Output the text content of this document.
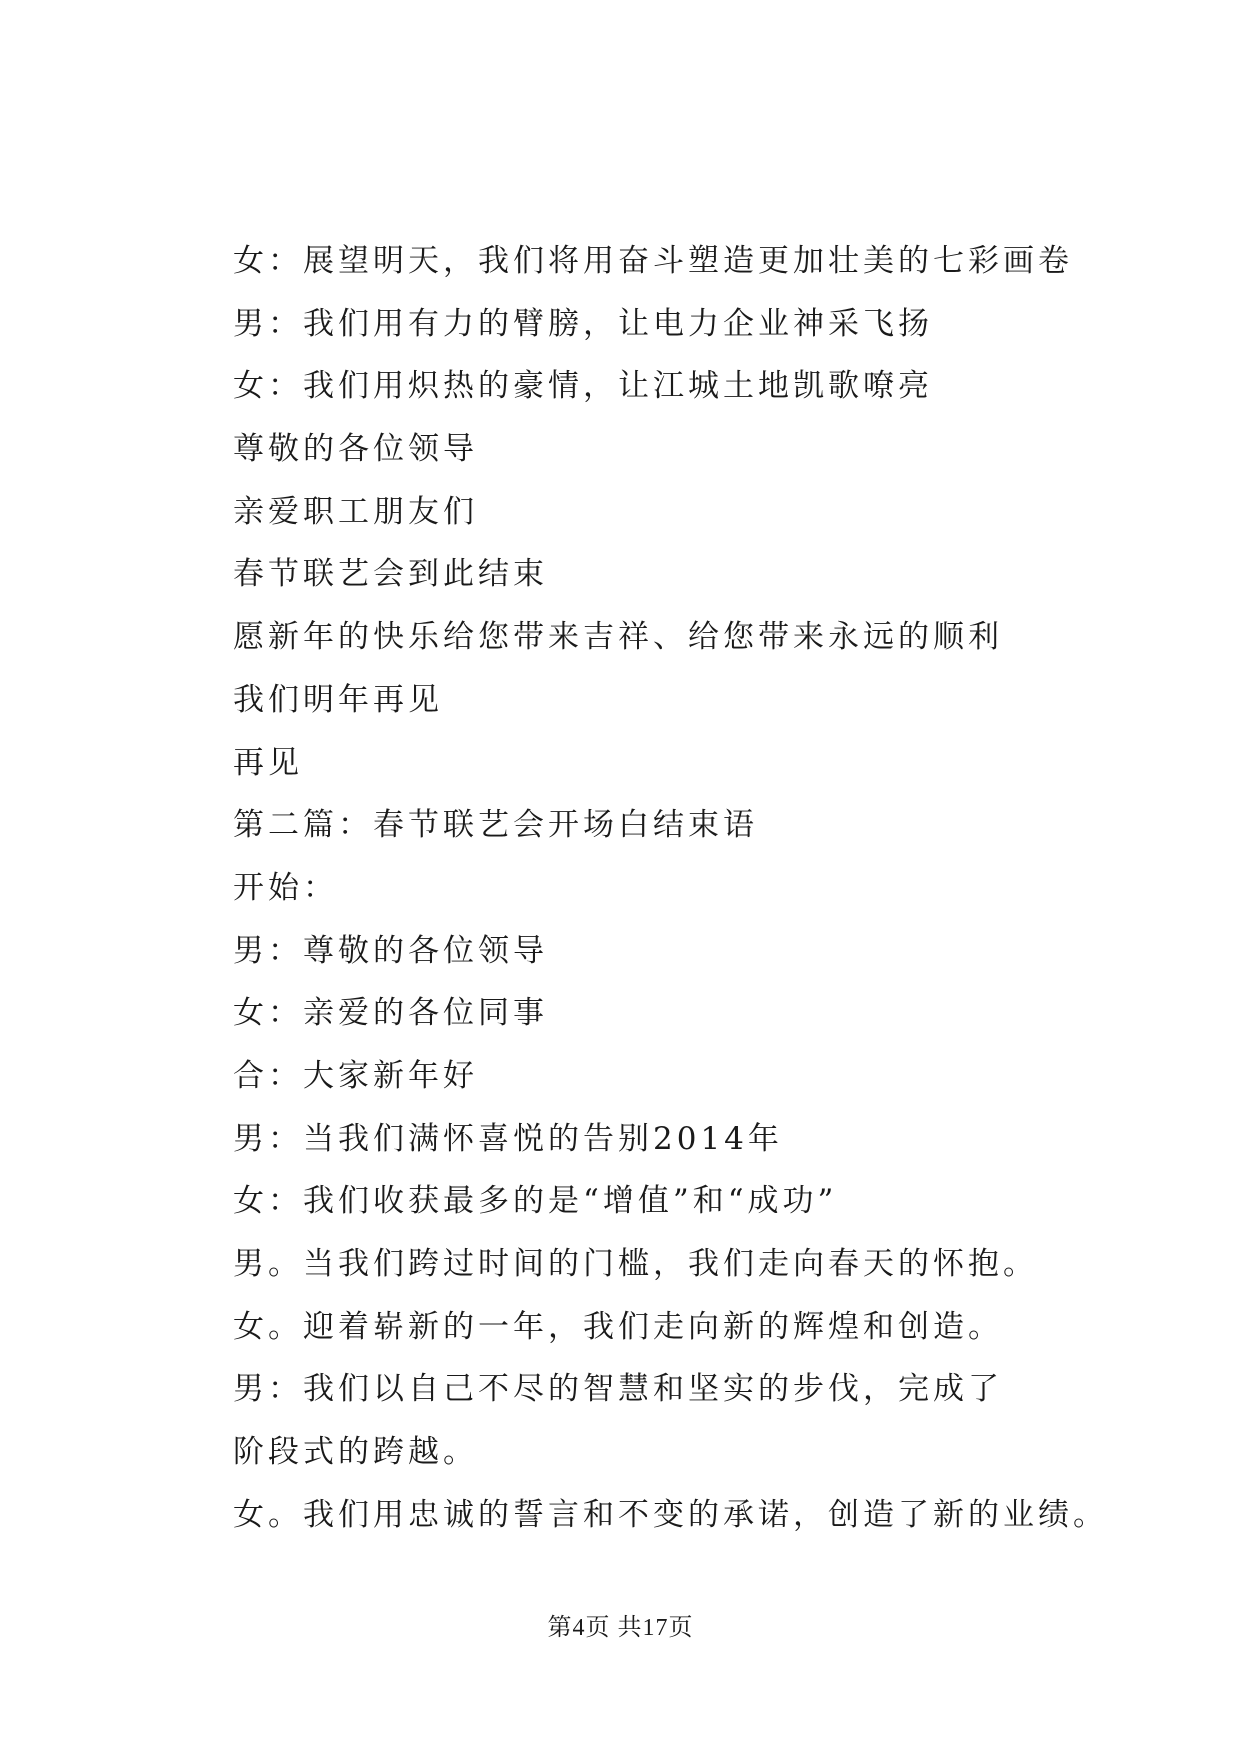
女：展望明天，我们将用奋斗塑造更加壮美的七彩画卷
男：我们用有力的臂膀，让电力企业神采飞扬
女：我们用炽热的豪情，让江城土地凯歌嘹亮
尊敬的各位领导
亲爱职工朋友们
春节联艺会到此结束
愿新年的快乐给您带来吉祥、给您带来永远的顺利
我们明年再见
再见
第二篇：春节联艺会开场白结束语
开始：
男：尊敬的各位领导
女：亲爱的各位同事
合：大家新年好
男：当我们满怀喜悦的告别2014年
女：我们收获最多的是“增值”和“成功”
男。当我们跨过时间的门槛，我们走向春天的怀抱。
女。迎着崭新的一年，我们走向新的辉煌和创造。
男：我们以自己不尽的智慧和坚实的步伐，完成了
阶段式的跨越。
女。我们用忠诚的誓言和不变的承诺，创造了新的业绩。
第4页 共17页
